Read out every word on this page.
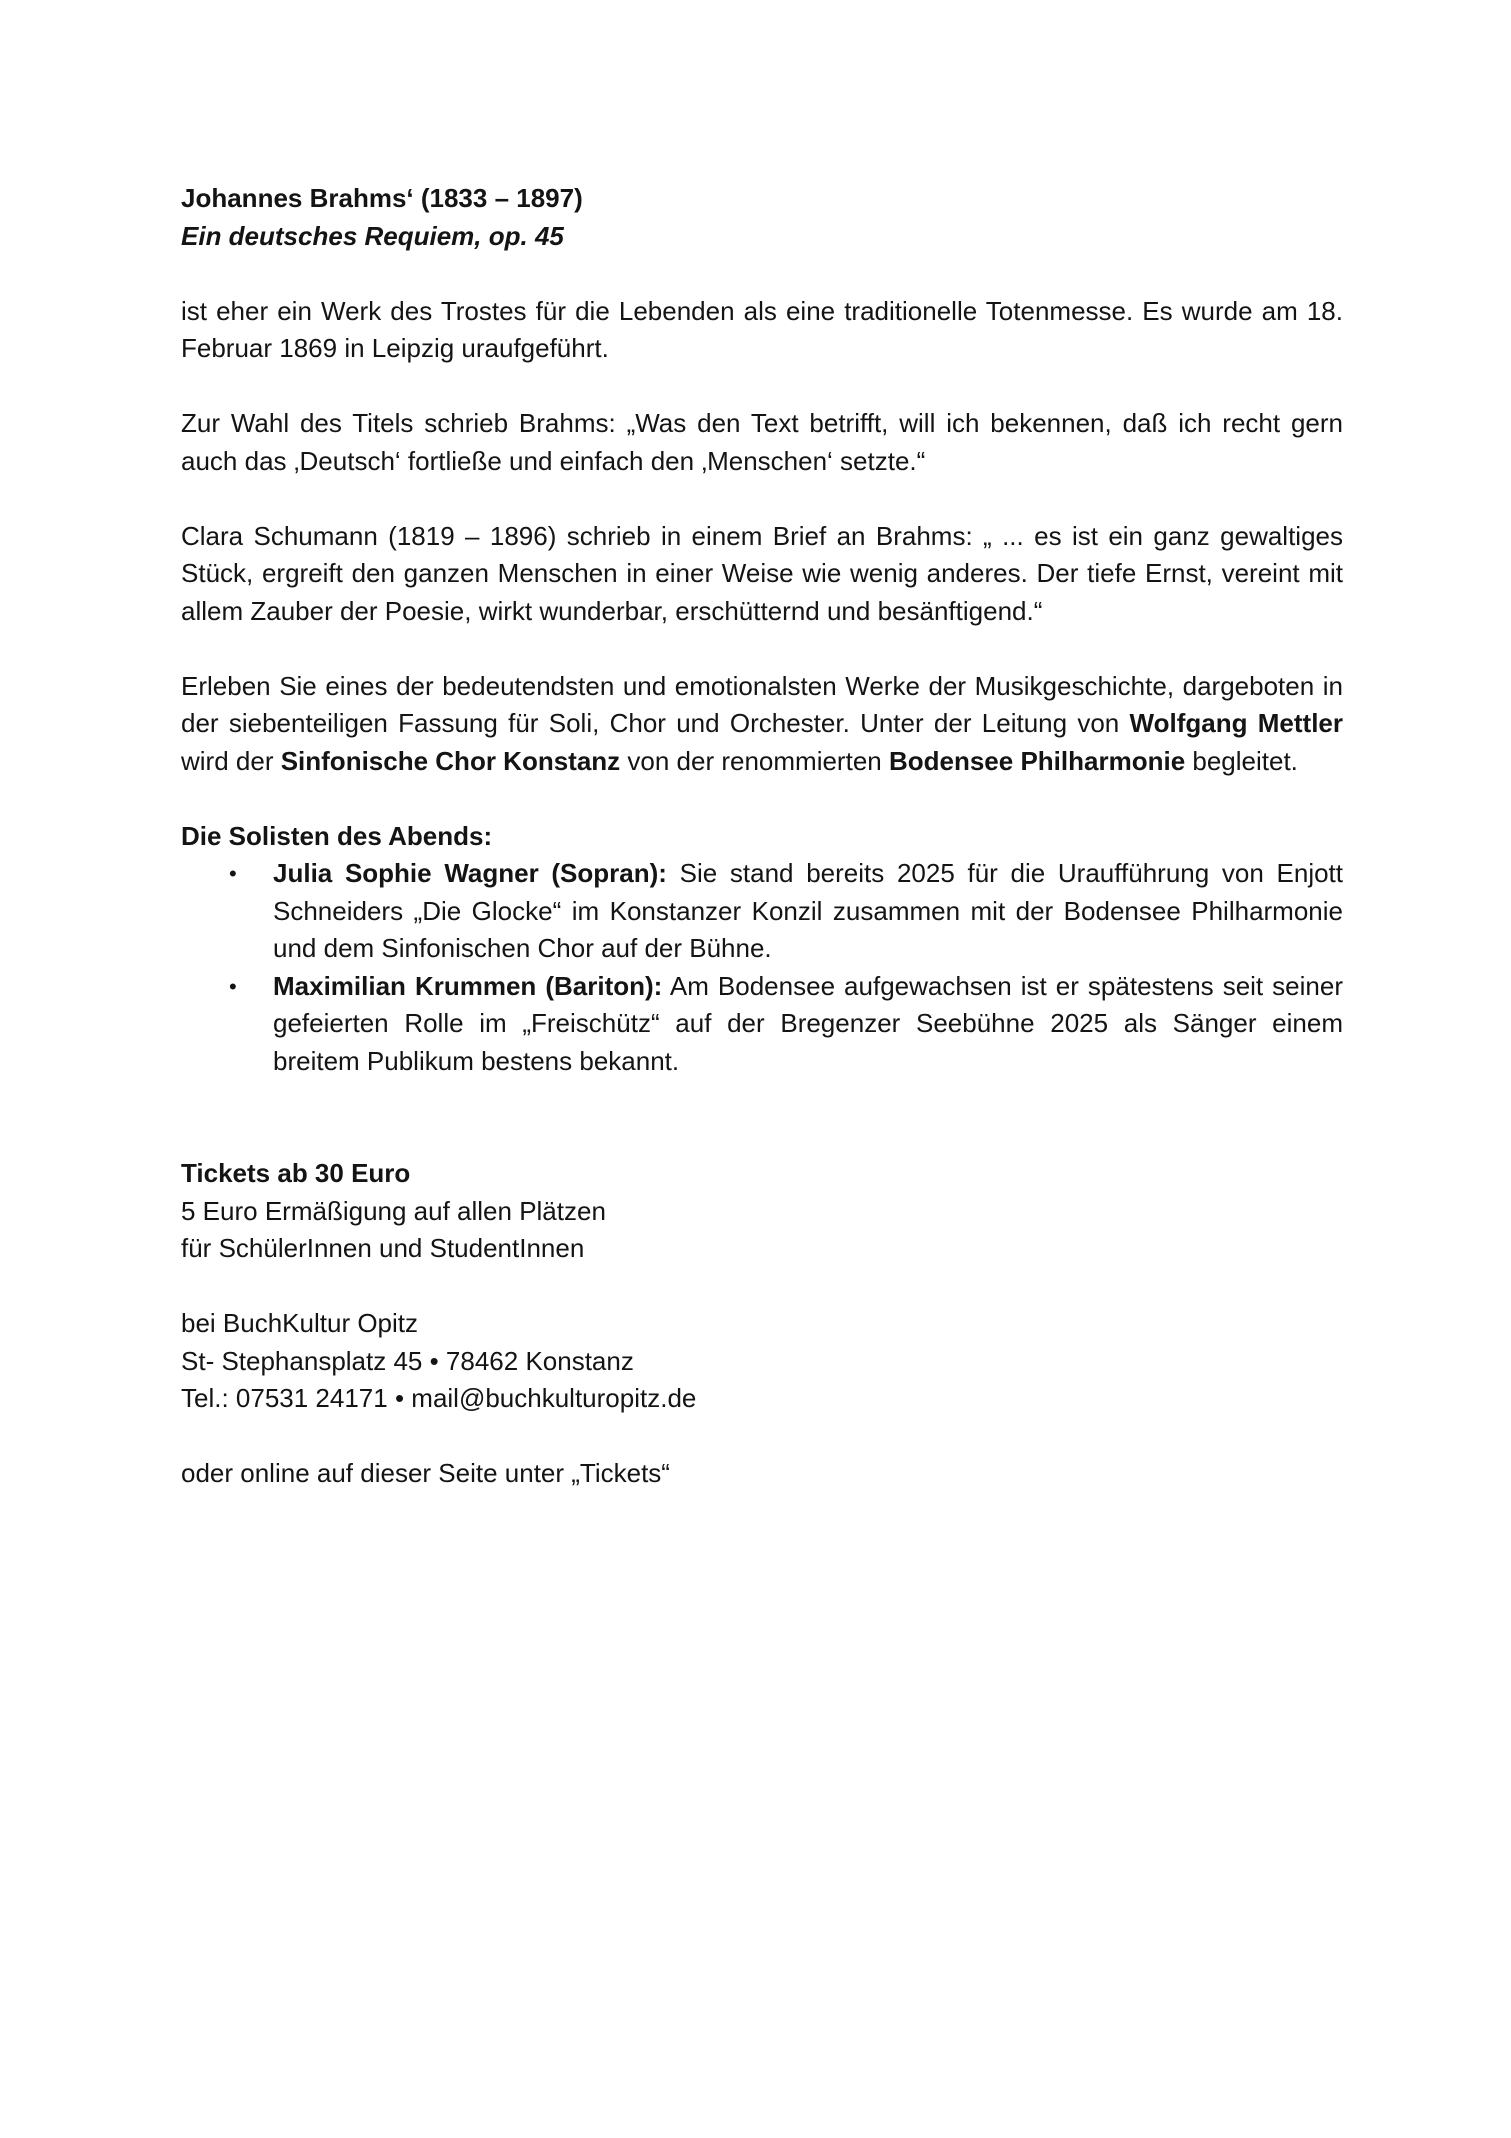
Johannes Brahms‘ (1833 – 1897)

Ein deutsches Requiem, op. 45

ist eher ein Werk des Trostes für die Lebenden als eine traditionelle Totenmesse. Es wurde am 18. Februar 1869 in Leipzig uraufgeführt.

Zur Wahl des Titels schrieb Brahms: „Was den Text betrifft, will ich bekennen, daß ich recht gern auch das ‚Deutsch‘ fortließe und einfach den ‚Menschen‘ setzte.“

Clara Schumann (1819 – 1896) schrieb in einem Brief an Brahms: „ ... es ist ein ganz gewaltiges Stück, ergreift den ganzen Menschen in einer Weise wie wenig anderes. Der tiefe Ernst, vereint mit allem Zauber der Poesie, wirkt wunderbar, erschütternd und besänftigend.“

Erleben Sie eines der bedeutendsten und emotionalsten Werke der Musikgeschichte, dargeboten in der siebenteiligen Fassung für Soli, Chor und Orchester. Unter der Leitung von Wolfgang Mettler wird der Sinfonische Chor Konstanz von der renommierten Bodensee Philharmonie begleitet.

Die Solisten des Abends:

• Julia Sophie Wagner (Sopran): Sie stand bereits 2025 für die Uraufführung von Enjott Schneiders „Die Glocke“ im Konstanzer Konzil zusammen mit der Bodensee Philharmonie und dem Sinfonischen Chor auf der Bühne.
• Maximilian Krummen (Bariton): Am Bodensee aufgewachsen ist er spätestens seit seiner gefeierten Rolle im „Freischütz“ auf der Bregenzer Seebühne 2025 als Sänger einem breitem Publikum bestens bekannt.

Tickets ab 30 Euro

5 Euro Ermäßigung auf allen Plätzen

für SchülerInnen und StudentInnen

bei BuchKultur Opitz

St- Stephansplatz 45 • 78462 Konstanz

Tel.: 07531 24171 • mail@buchkulturopitz.de

oder online auf dieser Seite unter „Tickets“
